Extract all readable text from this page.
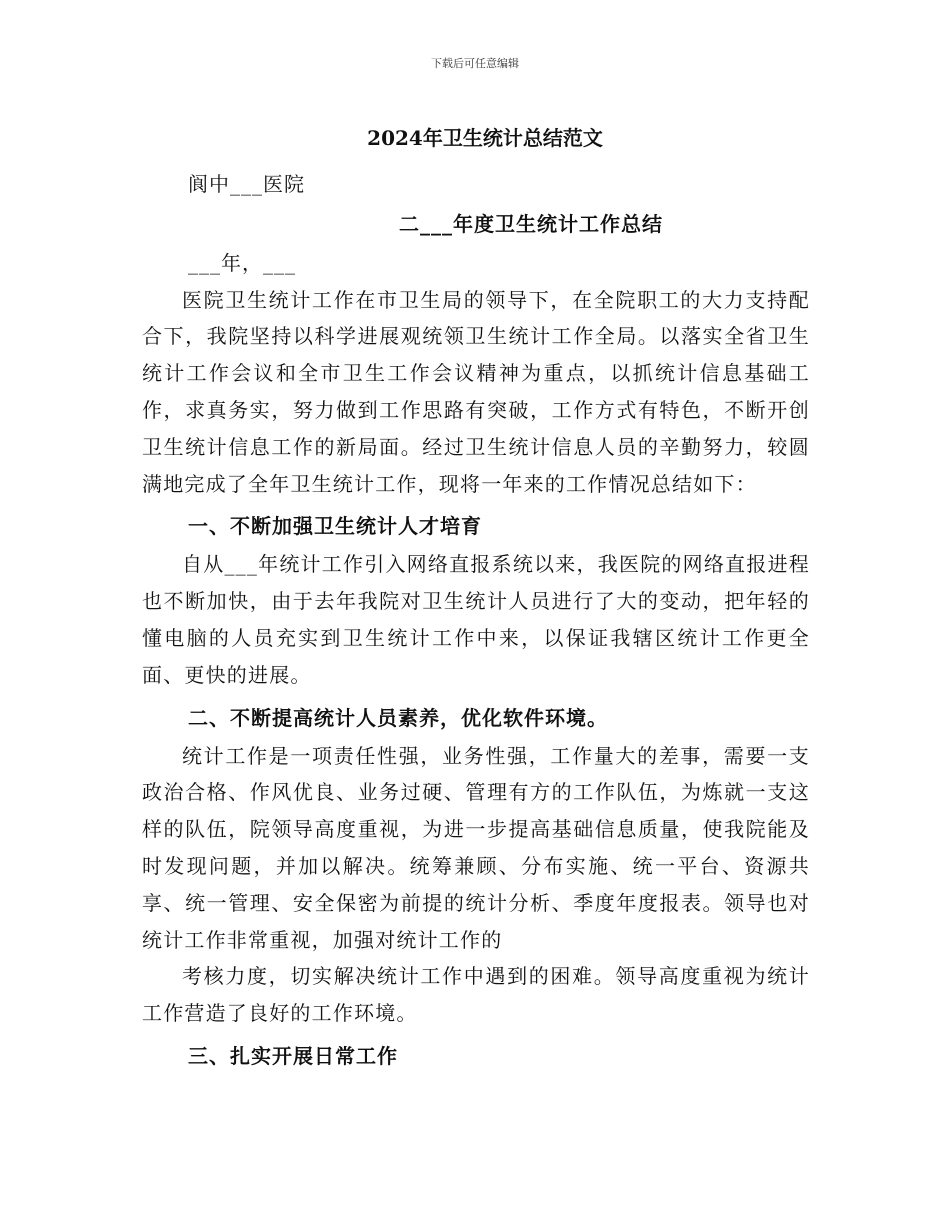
下载后可任意编辑
2024年卫生统计总结范文

阆中___医院

二___年度卫生统计工作总结

___年，___

医院卫生统计工作在市卫生局的领导下，在全院职工的大力支持配合下，我院坚持以科学进展观统领卫生统计工作全局。以落实全省卫生统计工作会议和全市卫生工作会议精神为重点，以抓统计信息基础工作，求真务实，努力做到工作思路有突破，工作方式有特色，不断开创卫生统计信息工作的新局面。经过卫生统计信息人员的辛勤努力，较圆满地完成了全年卫生统计工作，现将一年来的工作情况总结如下：

一、不断加强卫生统计人才培育

自从___年统计工作引入网络直报系统以来，我医院的网络直报进程也不断加快，由于去年我院对卫生统计人员进行了大的变动，把年轻的懂电脑的人员充实到卫生统计工作中来，以保证我辖区统计工作更全面、更快的进展。

二、不断提高统计人员素养，优化软件环境。

统计工作是一项责任性强，业务性强，工作量大的差事，需要一支政治合格、作风优良、业务过硬、管理有方的工作队伍，为炼就一支这样的队伍，院领导高度重视，为进一步提高基础信息质量，使我院能及时发现问题，并加以解决。统筹兼顾、分布实施、统一平台、资源共享、统一管理、安全保密为前提的统计分析、季度年度报表。领导也对统计工作非常重视，加强对统计工作的

考核力度，切实解决统计工作中遇到的困难。领导高度重视为统计工作营造了良好的工作环境。

三、扎实开展日常工作
